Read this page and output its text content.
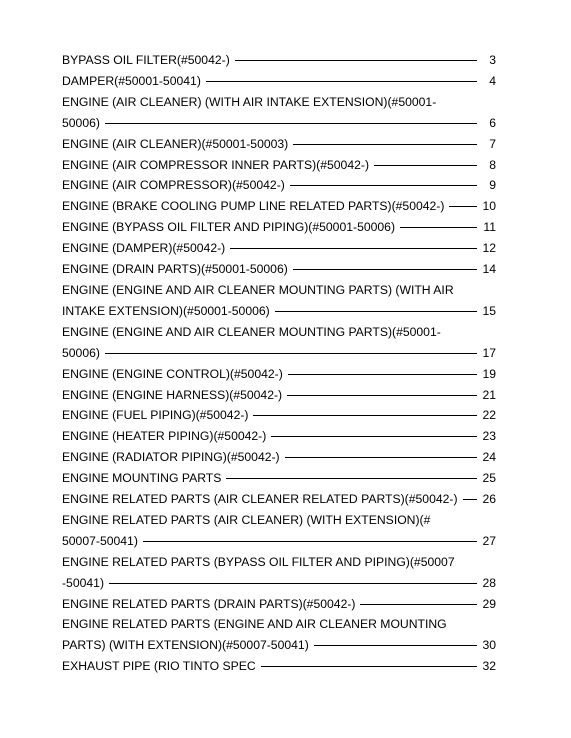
BYPASS OIL FILTER(#50042-)	3
DAMPER(#50001-50041)	4
ENGINE (AIR CLEANER) (WITH AIR INTAKE EXTENSION)(#50001-
50006)	6
ENGINE (AIR CLEANER)(#50001-50003)	7
ENGINE (AIR COMPRESSOR INNER PARTS)(#50042-)	8
ENGINE (AIR COMPRESSOR)(#50042-)	9
ENGINE (BRAKE COOLING PUMP LINE RELATED PARTS)(#50042-)	10
ENGINE (BYPASS OIL FILTER AND PIPING)(#50001-50006)	11
ENGINE (DAMPER)(#50042-)	12
ENGINE (DRAIN PARTS)(#50001-50006)	14
ENGINE (ENGINE AND AIR CLEANER MOUNTING PARTS) (WITH AIR
INTAKE EXTENSION)(#50001-50006)	15
ENGINE (ENGINE AND AIR CLEANER MOUNTING PARTS)(#50001-
50006)	17
ENGINE (ENGINE CONTROL)(#50042-)	19
ENGINE (ENGINE HARNESS)(#50042-)	21
ENGINE (FUEL PIPING)(#50042-)	22
ENGINE (HEATER PIPING)(#50042-)	23
ENGINE (RADIATOR PIPING)(#50042-)	24
ENGINE MOUNTING PARTS	25
ENGINE RELATED PARTS (AIR CLEANER RELATED PARTS)(#50042-) 26
ENGINE RELATED PARTS (AIR CLEANER) (WITH EXTENSION)(#
50007-50041)	27
ENGINE RELATED PARTS (BYPASS OIL FILTER AND PIPING)(#50007
-50041)	28
ENGINE RELATED PARTS (DRAIN PARTS)(#50042-)	29
ENGINE RELATED PARTS (ENGINE AND AIR CLEANER MOUNTING
PARTS) (WITH EXTENSION)(#50007-50041)	30
EXHAUST PIPE (RIO TINTO SPEC	32
